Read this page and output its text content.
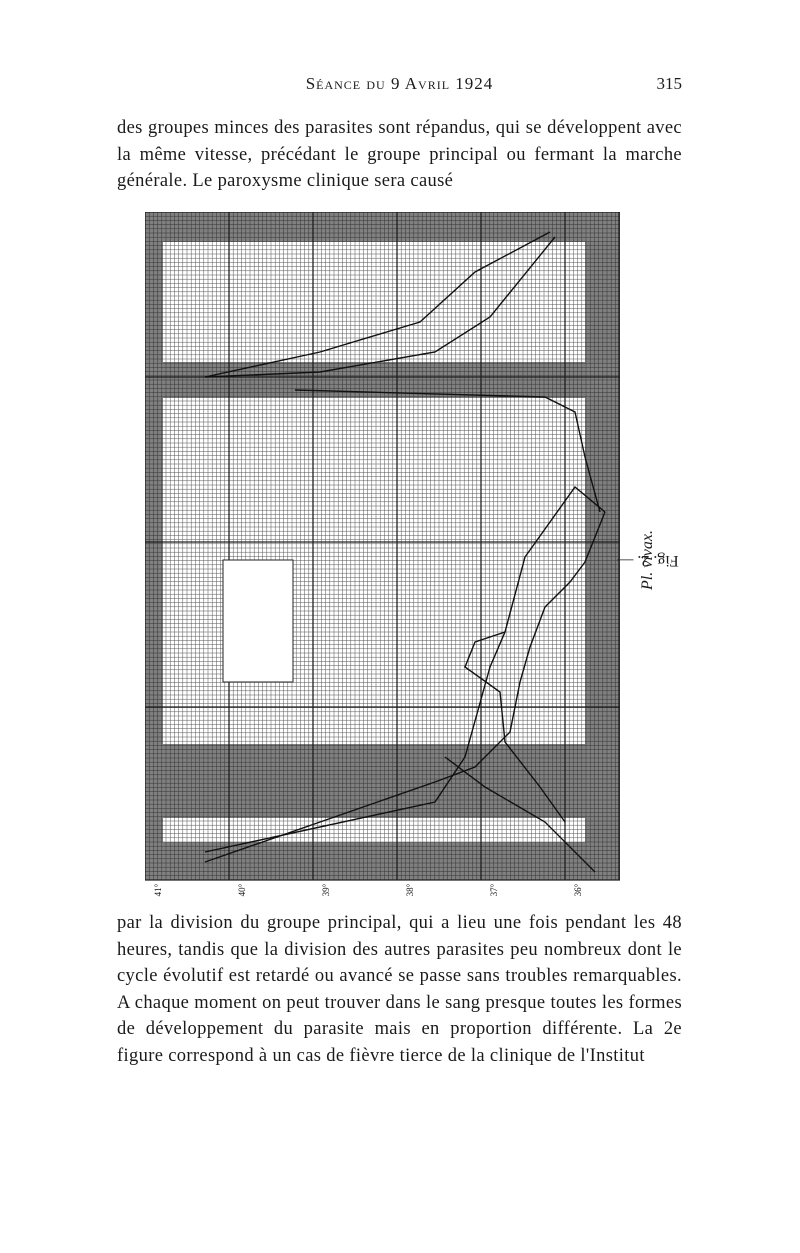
Séance du 9 Avril 1924	315

des groupes minces des parasites sont répandus, qui se développent avec la même vitesse, précédant le groupe principal ou fermant la marche générale. Le paroxysme clinique sera causé

41°	40°	39°	38°	37°	36°
Fig. 2. —
Pl. vivax.

par la division du groupe principal, qui a lieu une fois pendant les 48 heures, tandis que la division des autres parasites peu nombreux dont le cycle évolutif est retardé ou avancé se passe sans troubles remarquables. A chaque moment on peut trouver dans le sang presque toutes les formes de développement du parasite mais en proportion différente. La 2e figure correspond à un cas de fièvre tierce de la clinique de l'Institut
